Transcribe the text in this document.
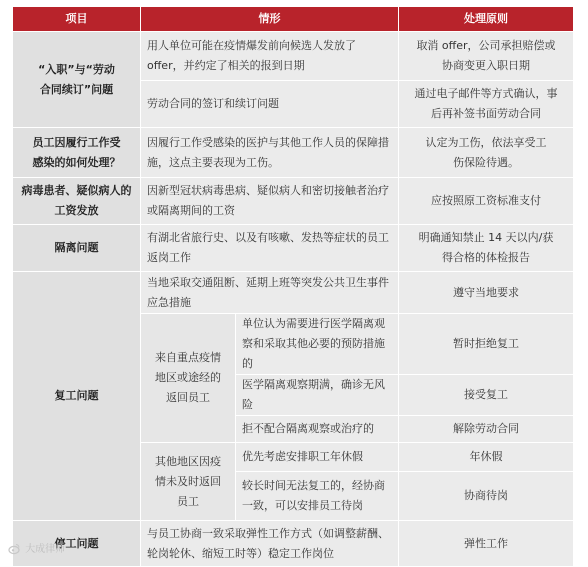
项目	情形		处理原则
“入职”与“劳动合同续订”问题	用人单位可能在疫情爆发前向候选人发放了 offer，并约定了相关的报到日期		取消 offer，公司承担赔偿或协商变更入职日期
	劳动合同的签订和续订问题		通过电子邮件等方式确认，事后再补签书面劳动合同
员工因履行工作受感染的如何处理？	因履行工作受感染的医护与其他工作人员的保障措施，这点主要表现为工伤。		认定为工伤，依法享受工伤保险待遇。
病毒患者、疑似病人的工资发放	因新型冠状病毒患病、疑似病人和密切接触者治疗或隔离期间的工资		应按照原工资标准支付
隔离问题	有湖北省旅行史、以及有咳嗽、发热等症状的员工返岗工作		明确通知禁止 14 天以内/获得合格的体检报告
复工问题	当地采取交通阻断、延期上班等突发公共卫生事件应急措施		遵守当地要求
	来自重点疫情地区或途经的返回员工	单位认为需要进行医学隔离观察和采取其他必要的预防措施的	暂时拒绝复工
		医学隔离观察期满，确诊无风险	接受复工
		拒不配合隔离观察或治疗的	解除劳动合同
	其他地区因疫情未及时返回员工	优先考虑安排职工年休假	年休假
		较长时间无法复工的，经协商一致，可以安排员工待岗	协商待岗
停工问题	与员工协商一致采取弹性工作方式（如调整薪酬、轮岗轮休、缩短工时等）稳定工作岗位		弹性工作
大成律师
